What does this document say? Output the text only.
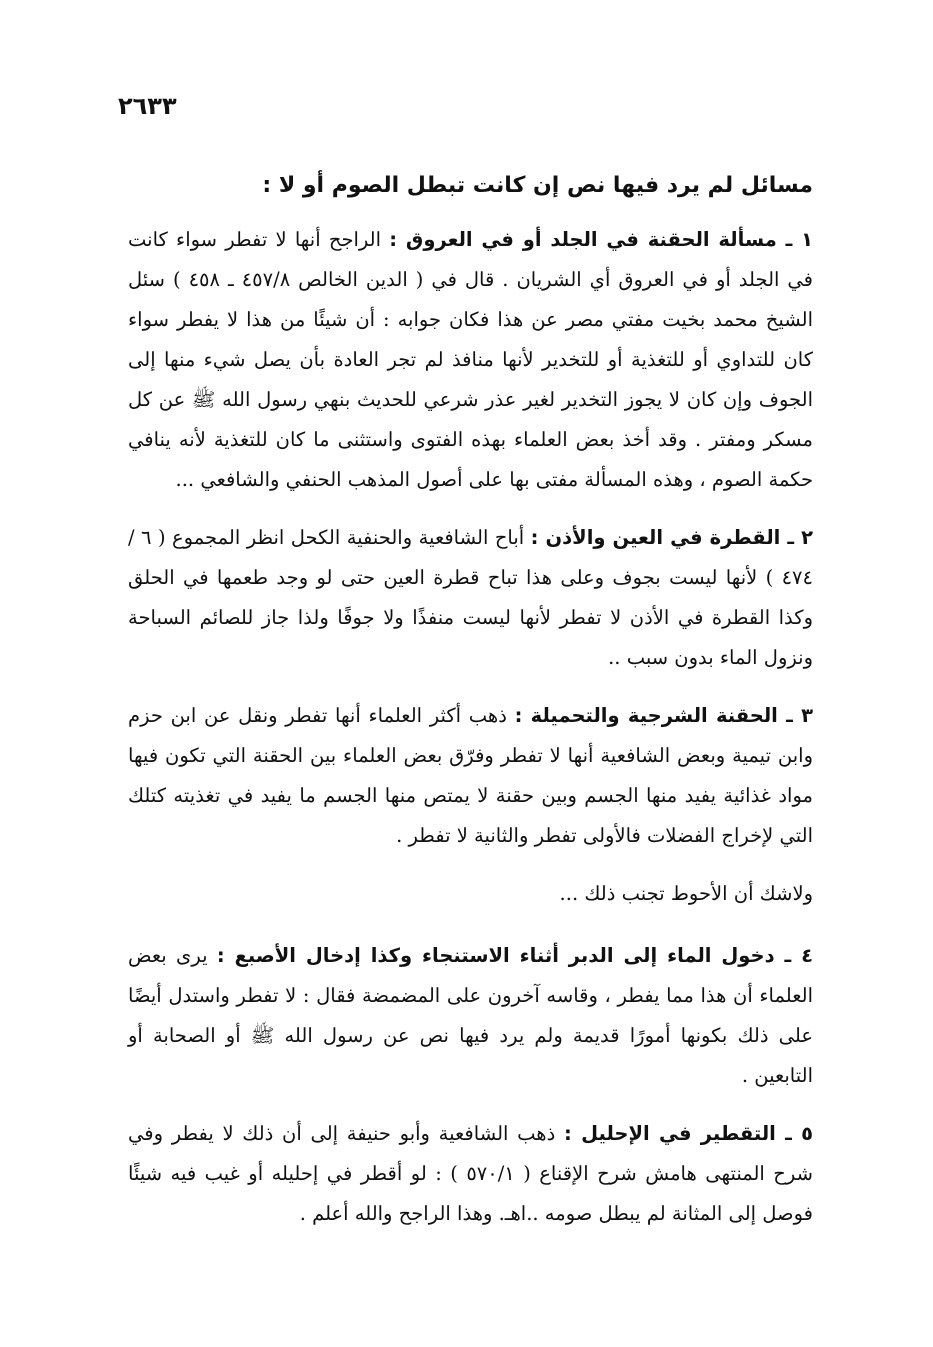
٢٦٣٣
مسائل لم يرد فيها نص إن كانت تبطل الصوم أو لا :

١ ـ مسألة الحقنة في الجلد أو في العروق : الراجح أنها لا تفطر سواء كانت في الجلد أو في العروق أي الشريان . قال في ( الدين الخالص ٤٥٧/٨ ـ ٤٥٨ ) سئل الشيخ محمد بخيت مفتي مصر عن هذا فكان جوابه : أن شيئًا من هذا لا يفطر سواء كان للتداوي أو للتغذية أو للتخدير لأنها منافذ لم تجر العادة بأن يصل شيء منها إلى الجوف وإن كان لا يجوز التخدير لغير عذر شرعي للحديث بنهي رسول الله ﷺ عن كل مسكر ومفتر . وقد أخذ بعض العلماء بهذه الفتوى واستثنى ما كان للتغذية لأنه ينافي حكمة الصوم ، وهذه المسألة مفتى بها على أصول المذهب الحنفي والشافعي ...

٢ ـ القطرة في العين والأذن : أباح الشافعية والحنفية الكحل انظر المجموع ( ٦ / ٤٧٤ ) لأنها ليست بجوف وعلى هذا تباح قطرة العين حتى لو وجد طعمها في الحلق وكذا القطرة في الأذن لا تفطر لأنها ليست منفذًا ولا جوفًا ولذا جاز للصائم السباحة ونزول الماء بدون سبب ..

٣ ـ الحقنة الشرجية والتحميلة : ذهب أكثر العلماء أنها تفطر ونقل عن ابن حزم وابن تيمية وبعض الشافعية أنها لا تفطر وفرّق بعض العلماء بين الحقنة التي تكون فيها مواد غذائية يفيد منها الجسم وبين حقنة لا يمتص منها الجسم ما يفيد في تغذيته كتلك التي لإخراج الفضلات فالأولى تفطر والثانية لا تفطر .

ولاشك أن الأحوط تجنب ذلك ...

٤ ـ دخول الماء إلى الدبر أثناء الاستنجاء وكذا إدخال الأصبع : يرى بعض العلماء أن هذا مما يفطر ، وقاسه آخرون على المضمضة فقال : لا تفطر واستدل أيضًا على ذلك بكونها أمورًا قديمة ولم يرد فيها نص عن رسول الله ﷺ أو الصحابة أو التابعين .

٥ ـ التقطير في الإحليل : ذهب الشافعية وأبو حنيفة إلى أن ذلك لا يفطر وفي شرح المنتهى هامش شرح الإقناع ( ٥٧٠/١ ) : لو أقطر في إحليله أو غيب فيه شيئًا فوصل إلى المثانة لم يبطل صومه ..اهـ. وهذا الراجح والله أعلم .
